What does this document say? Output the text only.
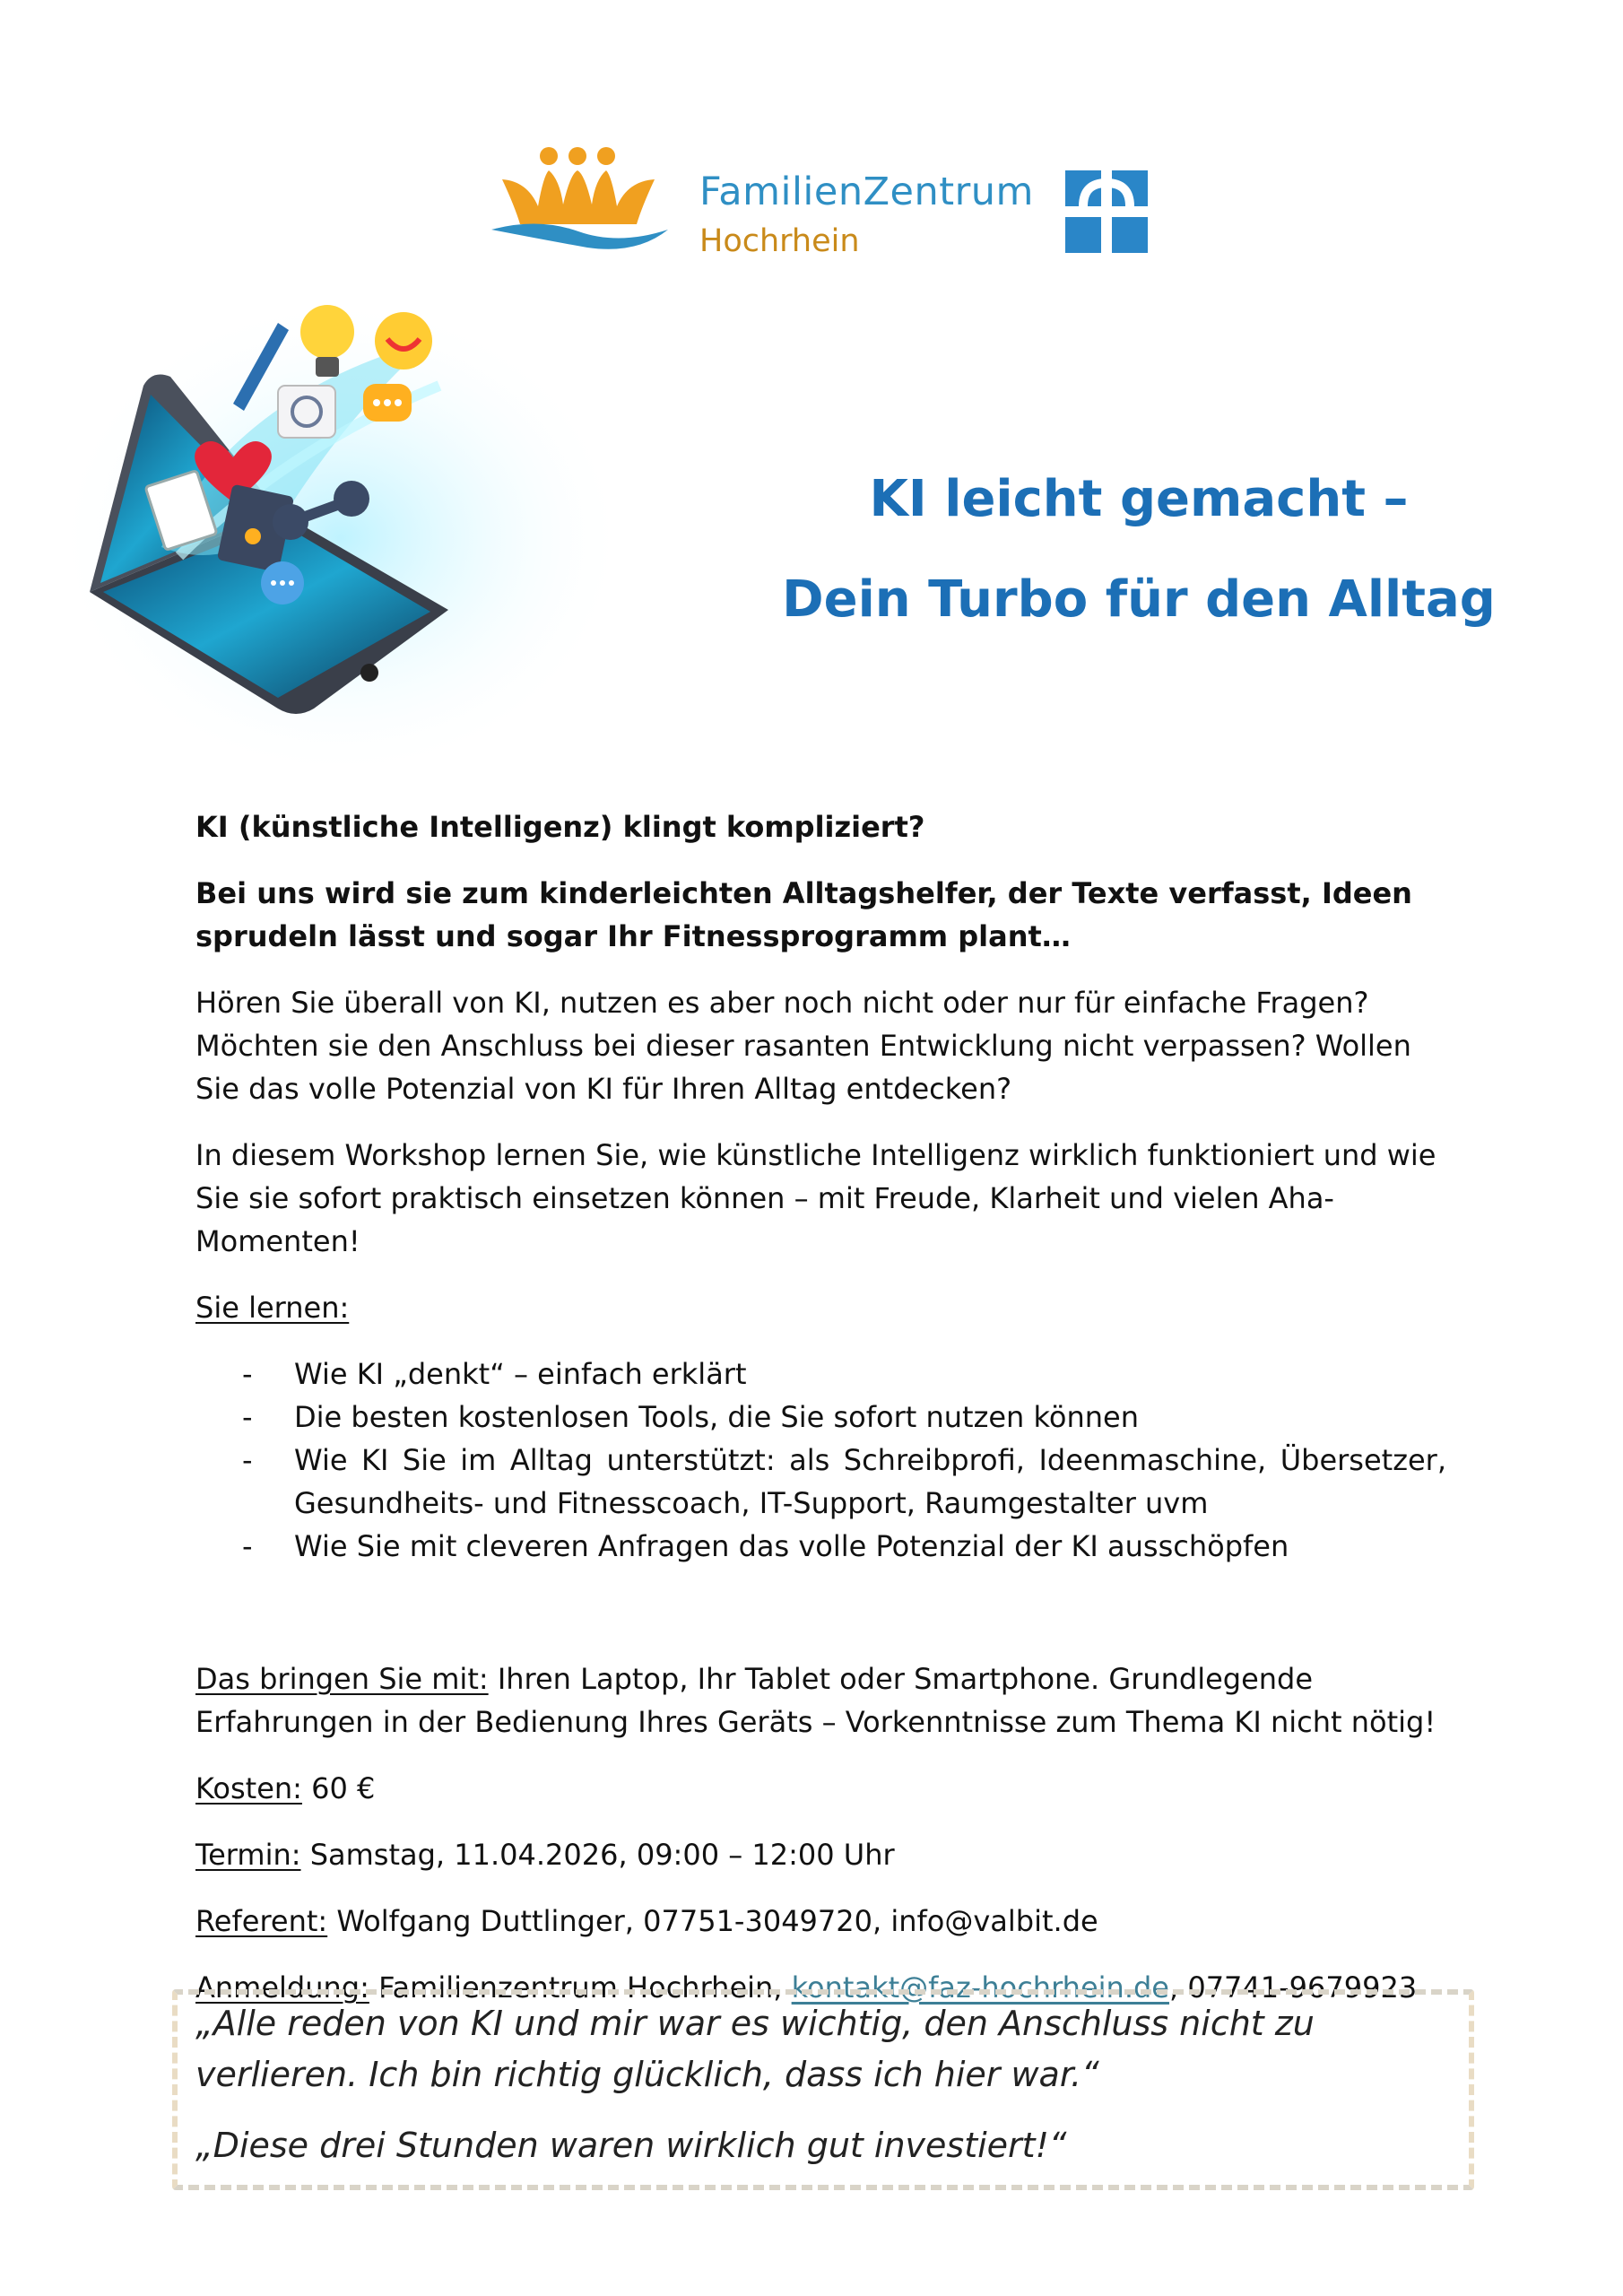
FamilienZentrum
Hochrhein
KI leicht gemacht –
Dein Turbo für den Alltag

KI (künstliche Intelligenz) klingt kompliziert?

Bei uns wird sie zum kinderleichten Alltagshelfer, der Texte verfasst, Ideen sprudeln lässt und sogar Ihr Fitnessprogramm plant…

Hören Sie überall von KI, nutzen es aber noch nicht oder nur für einfache Fragen? Möchten sie den Anschluss bei dieser rasanten Entwicklung nicht verpassen? Wollen Sie das volle Potenzial von KI für Ihren Alltag entdecken?

In diesem Workshop lernen Sie, wie künstliche Intelligenz wirklich funktioniert und wie Sie sie sofort praktisch einsetzen können – mit Freude, Klarheit und vielen Aha-Momenten!

Sie lernen:

- Wie KI „denkt“ – einfach erklärt
- Die besten kostenlosen Tools, die Sie sofort nutzen können
- Wie KI Sie im Alltag unterstützt: als Schreibprofi, Ideenmaschine, Übersetzer, Gesundheits- und Fitnesscoach, IT-Support, Raumgestalter uvm
- Wie Sie mit cleveren Anfragen das volle Potenzial der KI ausschöpfen

Das bringen Sie mit: Ihren Laptop, Ihr Tablet oder Smartphone. Grundlegende Erfahrungen in der Bedienung Ihres Geräts – Vorkenntnisse zum Thema KI nicht nötig!

Kosten: 60 €

Termin: Samstag, 11.04.2026, 09:00 – 12:00 Uhr

Referent: Wolfgang Duttlinger, 07751-3049720, info@valbit.de

Anmeldung: Familienzentrum Hochrhein, kontakt@faz-hochrhein.de, 07741-9679923

„Alle reden von KI und mir war es wichtig, den Anschluss nicht zu verlieren. Ich bin richtig glücklich, dass ich hier war.“

„Diese drei Stunden waren wirklich gut investiert!“
